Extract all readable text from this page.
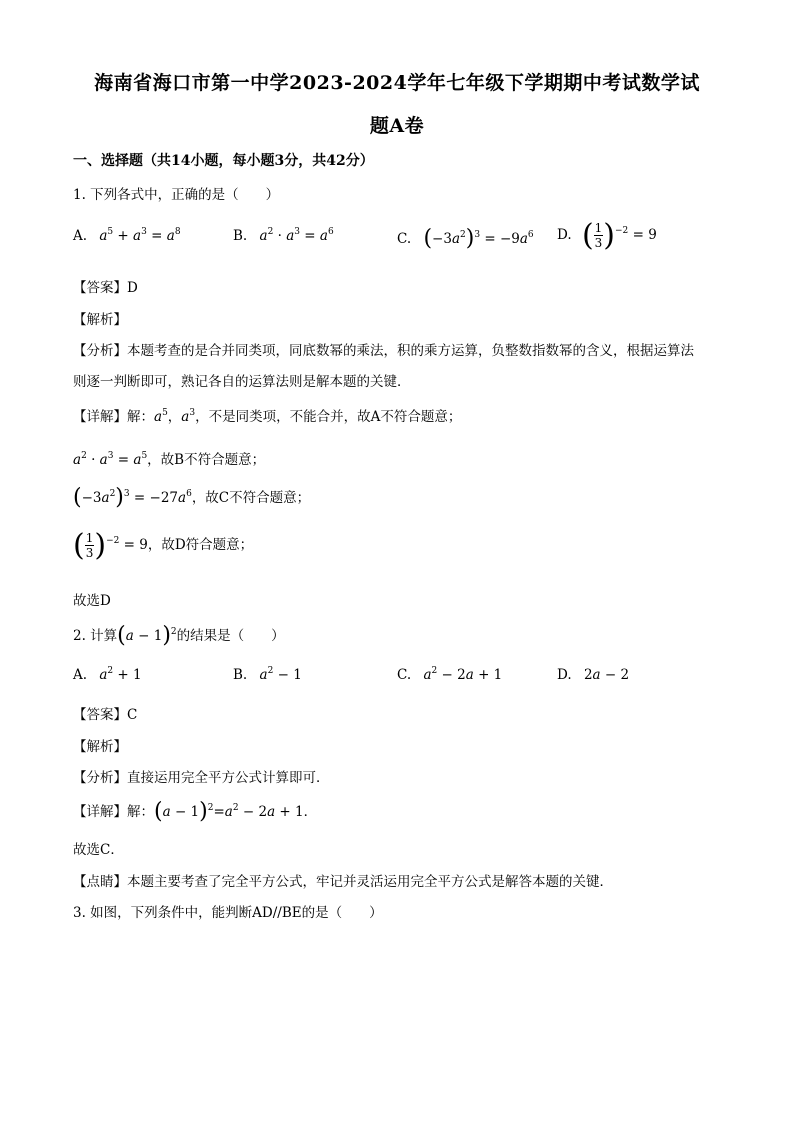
海南省海口市第一中学2023-2024学年七年级下学期期中考试数学试
题A卷
一、选择题（共14小题，每小题3分，共42分）
1. 下列各式中，正确的是（　　）
A. $a^5 + a^3 = a^8$	B. $a^2 \cdot a^3 = a^6$	C. $(-3a^2)^3 = -9a^6$ D. ( $\frac{1}{3} )^{-2} = 9$
【答案】D
【解析】
【分析】本题考查的是合并同类项，同底数幂的乘法，积的乘方运算，负整数指数幂的含义，根据运算法
则逐一判断即可，熟记各自的运算法则是解本题的关键．
【详解】解：$a^5$，$a^3$，不是同类项，不能合并，故A不符合题意；
$a^2 \cdot a^3 = a^5$，故B不符合题意；
$(-3a^2)^3 = -27a^6$，故C不符合题意；
( $\frac{1}{3} )^{-2} = 9$，故D符合题意；
故选D
2. 计算$(a - 1)^2$的结果是（　　）
A. $a^2 + 1$	B. $a^2 - 1$	C. $a^2 - 2a + 1$	D. 2a − 2
【答案】C
【解析】
【分析】直接运用完全平方公式计算即可．
【详解】解：$(a - 1)^2=a^2 - 2a + 1$．
故选C．
【点睛】本题主要考查了完全平方公式，牢记并灵活运用完全平方公式是解答本题的关键．
3. 如图，下列条件中，能判断AD//BE的是（　　）
